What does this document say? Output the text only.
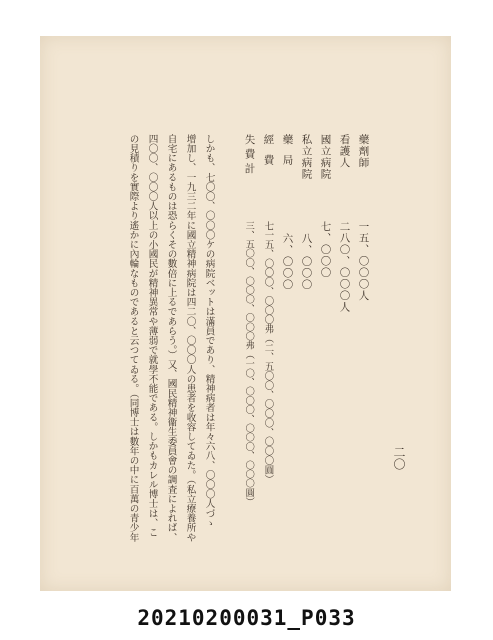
二〇
藥劑師
一五、〇〇〇人
看護人
二八〇、〇〇〇人
國立病院
七、〇〇〇
私立病院
八、〇〇〇
藥局
六、〇〇〇
經費
七一五、〇〇〇、〇〇〇弗（二、五〇〇、〇〇〇、〇〇〇圓）
失費計
三、五〇〇、〇〇〇、〇〇〇弗（一〇、〇〇〇、〇〇〇、〇〇〇圓）
しかも、七〇〇、〇〇〇ケの病院ベットは滿員であり、精神病者は年々六八、〇〇〇人づゝ
增加し、一九三二年に國立精神病院は四二〇、〇〇〇人の患者を收容してゐた。（私立療養所や
自宅にあるものは恐らくその數倍に上るであらう。）又、國民精神衞生委員會の調査によれば、
四〇〇、〇〇〇人以上の小國民が精神異常や薄弱で就學不能である。しかもカレル博士は、こ
の見積りを實際より遙かに內輪なものであると云つてゐる。（同博士は數年の中に百萬の青少年
20210200031_P033
